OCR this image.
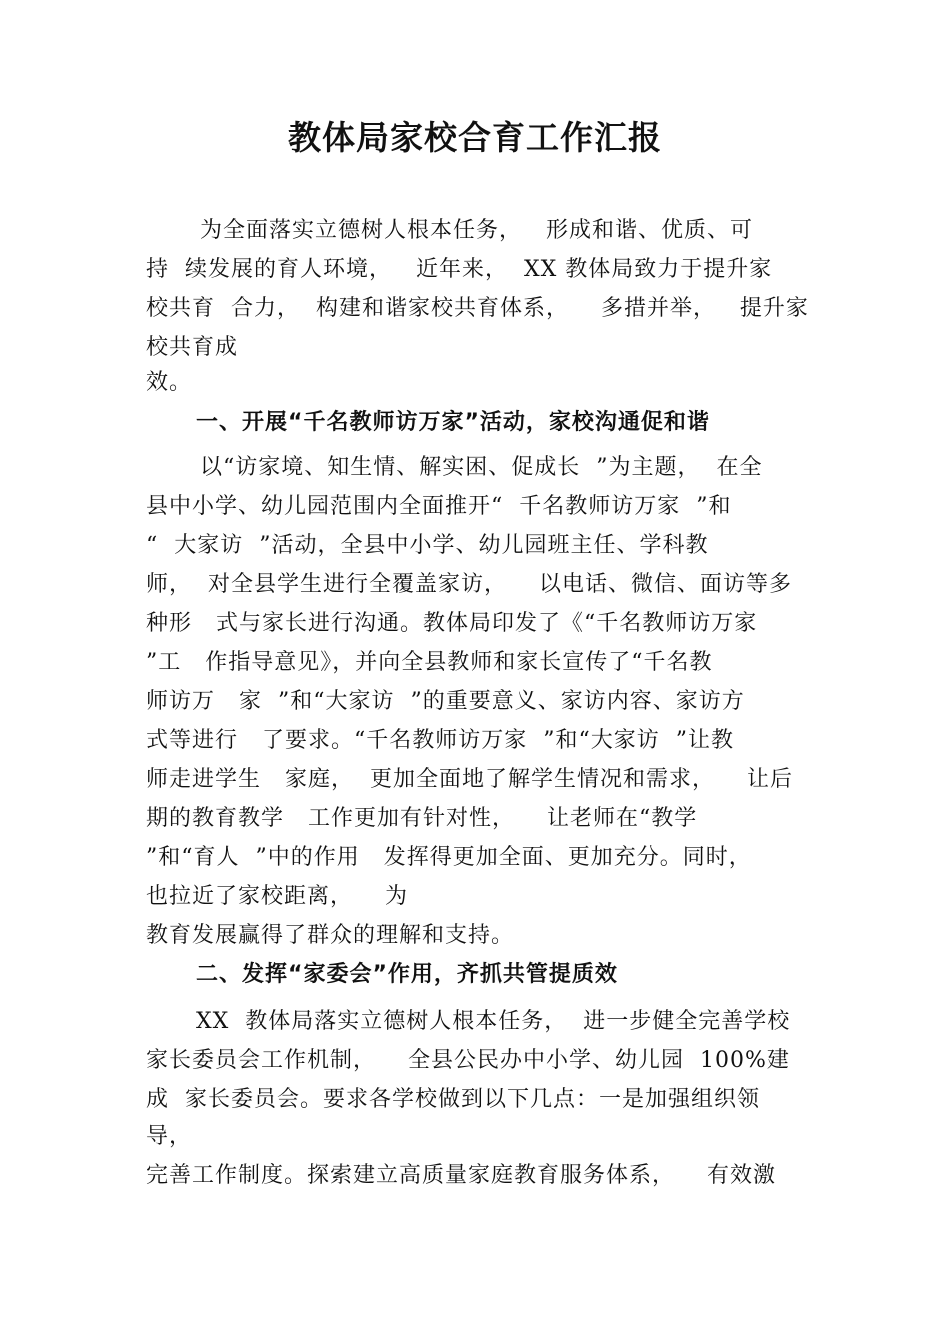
教体局家校合育工作汇报
为全面落实立德树人根本任务，   形成和谐、优质、可
持  续发展的育人环境，   近年来，  XX 教体局致力于提升家
校共育  合力，  构建和谐家校共育体系，    多措并举，   提升家
校共育成
效。
一、开展“千名教师访万家”活动，家校沟通促和谐
以“访家境、知生情、解实困、促成长  ”为主题，  在全
县中小学、幼儿园范围内全面推开“  千名教师访万家  ”和
“  大家访  ”活动，全县中小学、幼儿园班主任、学科教
师，  对全县学生进行全覆盖家访，    以电话、微信、面访等多
种形   式与家长进行沟通。教体局印发了《“千名教师访万家
”工   作指导意见》，并向全县教师和家长宣传了“千名教
师访万   家  ”和“大家访  ”的重要意义、家访内容、家访方
式等进行   了要求。“千名教师访万家  ”和“大家访  ”让教
师走进学生   家庭，  更加全面地了解学生情况和需求，    让后
期的教育教学   工作更加有针对性，    让老师在“教学
”和“育人  ”中的作用   发挥得更加全面、更加充分。同时，
也拉近了家校距离，    为
教育发展赢得了群众的理解和支持。
二、发挥“家委会”作用，齐抓共管提质效
XX  教体局落实立德树人根本任务，  进一步健全完善学校
家长委员会工作机制，    全县公民办中小学、幼儿园  100%建
成  家长委员会。要求各学校做到以下几点：一是加强组织领
导，
完善工作制度。探索建立高质量家庭教育服务体系，    有效激
